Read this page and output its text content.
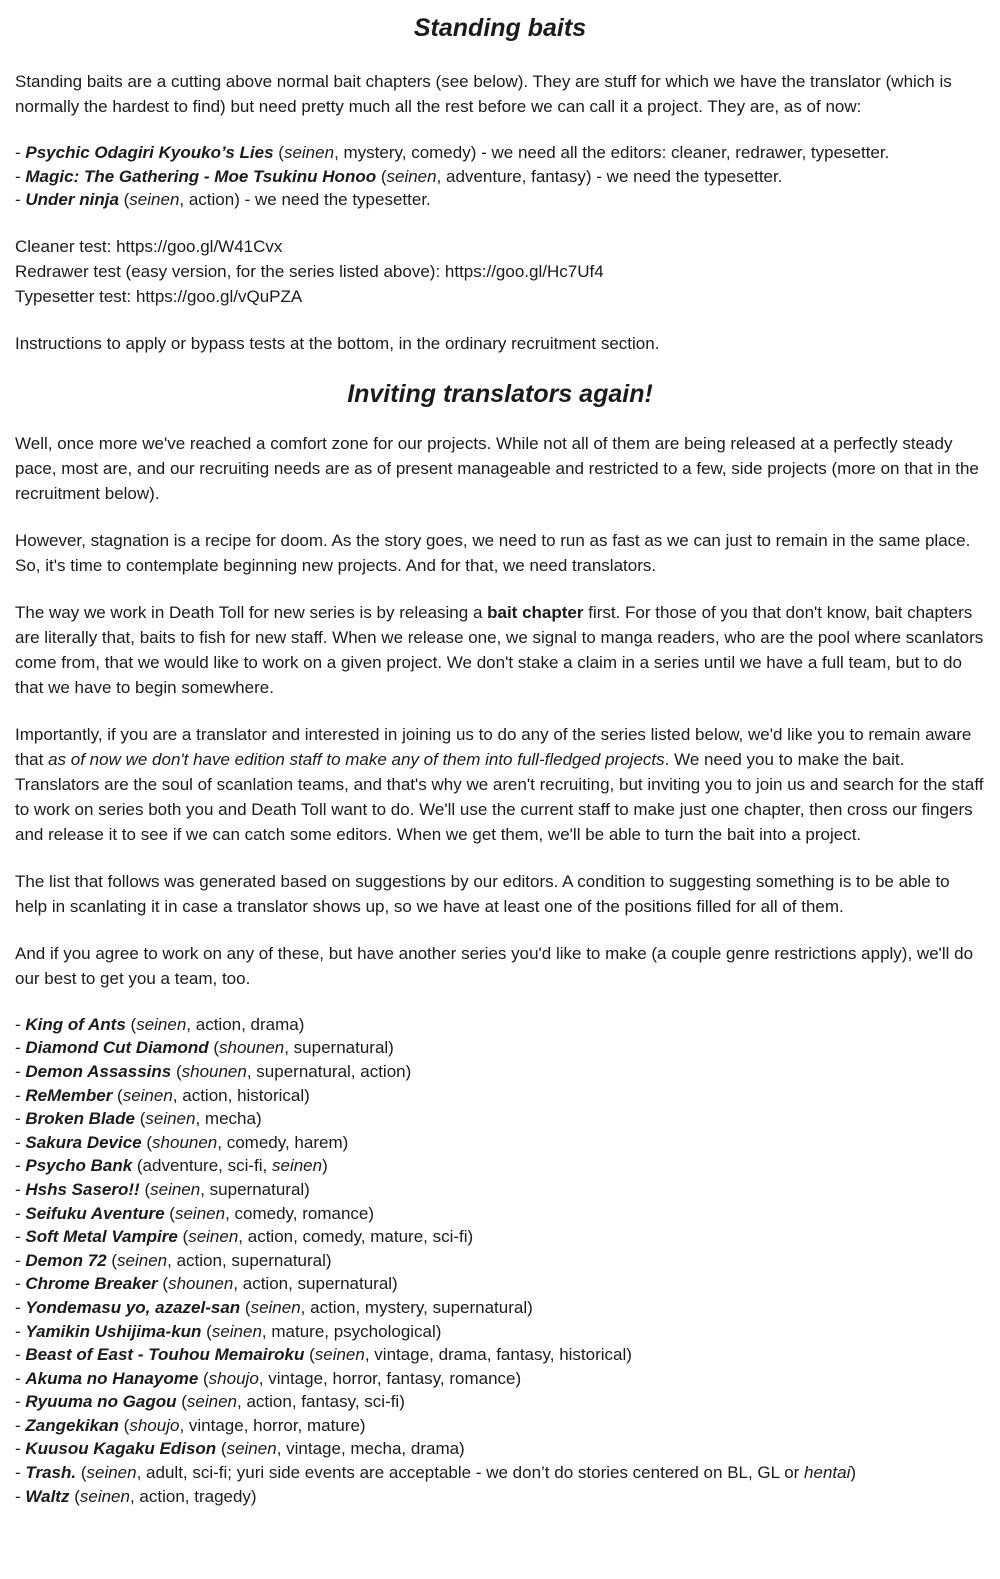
Standing baits

Standing baits are a cutting above normal bait chapters (see below). They are stuff for which we have the translator (which is normally the hardest to find) but need pretty much all the rest before we can call it a project. They are, as of now:

- Psychic Odagiri Kyouko’s Lies (seinen, mystery, comedy) - we need all the editors: cleaner, redrawer, typesetter.
- Magic: The Gathering - Moe Tsukinu Honoo (seinen, adventure, fantasy) - we need the typesetter.
- Under ninja (seinen, action) - we need the typesetter.
Cleaner test: https://goo.gl/W41Cvx
Redrawer test (easy version, for the series listed above): https://goo.gl/Hc7Uf4
Typesetter test: https://goo.gl/vQuPZA

Instructions to apply or bypass tests at the bottom, in the ordinary recruitment section.

Inviting translators again!

Well, once more we've reached a comfort zone for our projects. While not all of them are being released at a perfectly steady pace, most are, and our recruiting needs are as of present manageable and restricted to a few, side projects (more on that in the recruitment below).

However, stagnation is a recipe for doom. As the story goes, we need to run as fast as we can just to remain in the same place. So, it's time to contemplate beginning new projects. And for that, we need translators.

The way we work in Death Toll for new series is by releasing a bait chapter first. For those of you that don't know, bait chapters are literally that, baits to fish for new staff. When we release one, we signal to manga readers, who are the pool where scanlators come from, that we would like to work on a given project. We don't stake a claim in a series until we have a full team, but to do that we have to begin somewhere.

Importantly, if you are a translator and interested in joining us to do any of the series listed below, we'd like you to remain aware that as of now we don't have edition staff to make any of them into full-fledged projects. We need you to make the bait. Translators are the soul of scanlation teams, and that's why we aren't recruiting, but inviting you to join us and search for the staff to work on series both you and Death Toll want to do. We'll use the current staff to make just one chapter, then cross our fingers and release it to see if we can catch some editors. When we get them, we'll be able to turn the bait into a project.

The list that follows was generated based on suggestions by our editors. A condition to suggesting something is to be able to help in scanlating it in case a translator shows up, so we have at least one of the positions filled for all of them.

And if you agree to work on any of these, but have another series you'd like to make (a couple genre restrictions apply), we'll do our best to get you a team, too.

- King of Ants (seinen, action, drama)
- Diamond Cut Diamond (shounen, supernatural)
- Demon Assassins (shounen, supernatural, action)
- ReMember (seinen, action, historical)
- Broken Blade (seinen, mecha)
- Sakura Device (shounen, comedy, harem)
- Psycho Bank (adventure, sci-fi, seinen)
- Hshs Sasero!! (seinen, supernatural)
- Seifuku Aventure (seinen, comedy, romance)
- Soft Metal Vampire (seinen, action, comedy, mature, sci-fi)
- Demon 72 (seinen, action, supernatural)
- Chrome Breaker (shounen, action, supernatural)
- Yondemasu yo, azazel-san (seinen, action, mystery, supernatural)
- Yamikin Ushijima-kun (seinen, mature, psychological)
- Beast of East - Touhou Memairoku (seinen, vintage, drama, fantasy, historical)
- Akuma no Hanayome (shoujo, vintage, horror, fantasy, romance)
- Ryuuma no Gagou (seinen, action, fantasy, sci-fi)
- Zangekikan (shoujo, vintage, horror, mature)
- Kuusou Kagaku Edison (seinen, vintage, mecha, drama)
- Trash. (seinen, adult, sci-fi; yuri side events are acceptable - we don’t do stories centered on BL, GL or hentai)
- Waltz (seinen, action, tragedy)
